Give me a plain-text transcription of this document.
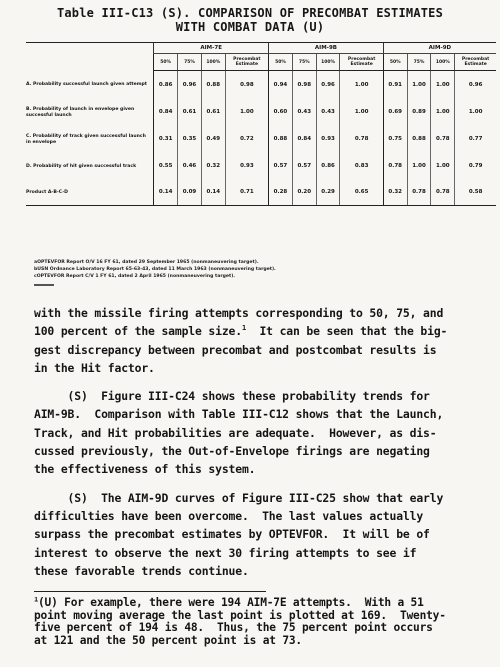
Table III-C13 (S). COMPARISON OF PRECOMBAT ESTIMATES
WITH COMBAT DATA (U)
	AIM-7E				AIM-9B				AIM-9D			
	50%	75%	100%	Precombat Estimate	50%	75%	100%	Precombat Estimate	50%	75%	100%	Precombat Estimate
A. Probability successful launch given attempt	0.86	0.96	0.88	0.98	0.94	0.98	0.96	1.00	0.91	1.00	1.00	0.96
B. Probability of launch in envelope given successful launch	0.84	0.61	0.61	1.00	0.60	0.43	0.43	1.00	0.69	0.89	1.00	1.00
C. Probability of track given successful launch in envelope	0.31	0.35	0.49	0.72	0.88	0.84	0.93	0.78	0.75	0.88	0.78	0.77
D. Probability of hit given successful track	0.55	0.46	0.32	0.93	0.57	0.57	0.86	0.83	0.78	1.00	1.00	0.79
Product A-B-C-D	0.14	0.09	0.14	0.71	0.28	0.20	0.29	0.65	0.32	0.78	0.78	0.58
aOPTEVFOR Report O/V 16 FY 61, dated 29 September 1965 (nonmaneuvering target).
bUSN Ordnance Laboratory Report 65-63-43, dated 11 March 1963 (nonmaneuvering target).
cOPTEVFOR Report C/V 1 FY 61, dated 2 April 1965 (nonmaneuvering target).

with the missile firing attempts corresponding to 50, 75, and

100 percent of the sample size.$^1$  It can be seen that the big-

gest discrepancy between precombat and postcombat results is

in the Hit factor.

(S)  Figure III-C24 shows these probability trends for

AIM-9B.  Comparison with Table III-C12 shows that the Launch,

Track, and Hit probabilities are adequate.  However, as dis-

cussed previously, the Out-of-Envelope firings are negating

the effectiveness of this system.

(S)  The AIM-9D curves of Figure III-C25 show that early

difficulties have been overcome.  The last values actually

surpass the precombat estimates by OPTEVFOR.  It will be of

interest to observe the next 30 firing attempts to see if

these favorable trends continue.

$^1$(U) For example, there were 194 AIM-7E attempts.  With a 51

point moving average the last point is plotted at 169.  Twenty-

five percent of 194 is 48.  Thus, the 75 percent point occurs

at 121 and the 50 percent point is at 73.
